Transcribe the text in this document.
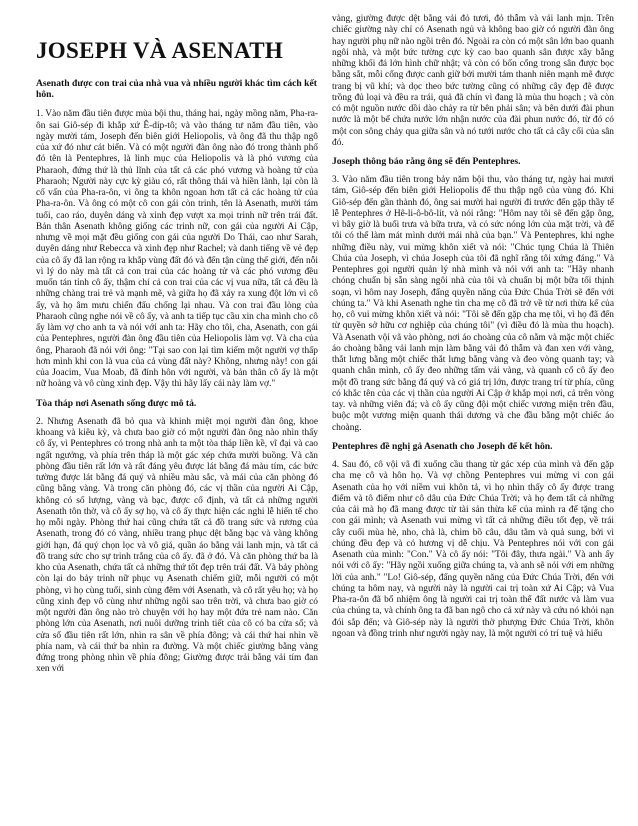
JOSEPH VÀ ASENATH
Asenath được con trai của nhà vua và nhiều người khác tìm cách kết hôn.

1. Vào năm đầu tiên được mùa bội thu, tháng hai, ngày mồng năm, Pha-ra-ôn sai Giô-sép đi khắp xứ Ê-díp-tô; và vào tháng tư năm đầu tiên, vào ngày mười tám, Joseph đến biên giới Heliopolis, và ông đã thu thập ngô của xứ đó như cát biển. Và có một người đàn ông nào đó trong thành phố đó tên là Pentephres, là linh mục của Heliopolis và là phó vương của Pharaoh, đứng thứ là thủ lĩnh của tất cả các phó vương và hoàng tử của Pharaoh; Người này cực kỳ giàu có, rất thông thái và hiền lành, lại còn là cố vấn của Pha-ra-ôn, vì ông ta khôn ngoan hơn tất cả các hoàng tử của Pha-ra-ôn. Và ông có một cô con gái còn trinh, tên là Asenath, mười tám tuổi, cao ráo, duyên dáng và xinh đẹp vượt xa mọi trinh nữ trên trái đất. Bản thân Asenath không giống các trinh nữ, con gái của người Ai Cập, nhưng về mọi mặt đều giống con gái của người Do Thái, cao như Sarah, duyên dáng như Rebecca và xinh đẹp như Rachel; và danh tiếng về vẻ đẹp của cô ấy đã lan rộng ra khắp vùng đất đó và đến tận cùng thế giới, đến nỗi vì lý do này mà tất cả con trai của các hoàng tử và các phó vương đều muốn tán tỉnh cô ấy, thậm chí cả con trai của các vị vua nữa, tất cả đều là những chàng trai trẻ và mạnh mẽ, và giữa họ đã xảy ra xung đột lớn vì cô ấy, và họ âm mưu chiến đấu chống lại nhau. Và con trai đầu lòng của Pharaoh cũng nghe nói về cô ấy, và anh ta tiếp tục cầu xin cha mình cho cô ấy làm vợ cho anh ta và nói với anh ta: Hãy cho tôi, cha, Asenath, con gái của Pentephres, người đàn ông đầu tiên của Heliopolis làm vợ. Và cha của ông, Pharaoh đã nói với ông: "Tại sao con lại tìm kiếm một người vợ thấp hơn mình khi con là vua của cả vùng đất này? Không, nhưng này! con gái của Joacim, Vua Moab, đã đính hôn với người, và bản thân cô ấy là một nữ hoàng và vô cùng xinh đẹp. Vậy thì hãy lấy cái này làm vợ."

Tòa tháp nơi Asenath sống được mô tả.

2. Nhưng Asenath đã bỏ qua và khinh miệt mọi người đàn ông, khoe khoang và kiêu kỳ, và chưa bao giờ có một người đàn ông nào nhìn thấy cô ấy, vì Pentephres có trong nhà anh ta một tòa tháp liền kề, vĩ đại và cao ngất ngưởng, và phía trên tháp là một gác xép chứa mười buồng. Và căn phòng đầu tiên rất lớn và rất đáng yêu được lát bằng đá màu tím, các bức tường được lát bằng đá quý và nhiều màu sắc, và mái của căn phòng đó cũng bằng vàng. Và trong căn phòng đó, các vị thần của người Ai Cập, không có số lượng, vàng và bạc, được cố định, và tất cả những người Asenath tôn thờ, và cô ấy sợ họ, và cô ấy thực hiện các nghi lễ hiến tế cho họ mỗi ngày. Phòng thứ hai cũng chứa tất cả đồ trang sức và rương của Asenath, trong đó có vàng, nhiều trang phục dệt bằng bạc và vàng không giới hạn, đá quý chọn lọc và vô giá, quần áo bằng vải lanh mịn, và tất cả đồ trang sức cho sự trinh trắng của cô ấy. đã ở đó. Và căn phòng thứ ba là kho của Asenath, chứa tất cả những thứ tốt đẹp trên trái đất. Và bảy phòng còn lại do bảy trinh nữ phục vụ Asenath chiếm giữ, mỗi người có một phòng, vì họ cùng tuổi, sinh cùng đêm với Asenath, và cô rất yêu họ; và họ cũng xinh đẹp vô cùng như những ngôi sao trên trời, và chưa bao giờ có một người đàn ông nào trò chuyện với họ hay một đứa trẻ nam nào. Căn phòng lớn của Asenath, nơi nuôi dưỡng trinh tiết của cô có ba cửa sổ; và cửa sổ đầu tiên rất lớn, nhìn ra sân về phía đông; và cái thứ hai nhìn về phía nam, và cái thứ ba nhìn ra đường. Và một chiếc giường bằng vàng đứng trong phòng nhìn về phía đông; Giường được trải bằng vải tím đan xen với

vàng, giường được dệt bằng vải đỏ tươi, đỏ thẫm và vải lanh mịn. Trên chiếc giường này chỉ có Asenath ngủ và không bao giờ có người đàn ông hay người phụ nữ nào ngồi trên đó. Ngoài ra còn có một sân lớn bao quanh ngôi nhà, và một bức tường cực kỳ cao bao quanh sân được xây bằng những khối đá lớn hình chữ nhật; và còn có bốn cổng trong sân được bọc bằng sắt, mỗi cổng được canh giữ bởi mười tám thanh niên mạnh mẽ được trang bị vũ khí; và dọc theo bức tường cũng có những cây đẹp đẽ được trồng đủ loại và đều ra trái, quả đã chín vì đang là mùa thu hoạch ; và còn có một nguồn nước dồi dào chảy ra từ bên phải sân; và bên dưới đài phun nước là một bể chứa nước lớn nhận nước của đài phun nước đó, từ đó có một con sông chảy qua giữa sân và nó tưới nước cho tất cả cây cối của sân đó.

Joseph thông báo rằng ông sẽ đến Pentephres.

3. Vào năm đầu tiên trong bảy năm bội thu, vào tháng tư, ngày hai mươi tám, Giô-sép đến biên giới Heliopolis để thu thập ngô của vùng đó. Khi Giô-sép đến gần thành đó, ông sai mười hai người đi trước đến gặp thầy tế lễ Pentephres ở Hê-li-ô-bô-lít, và nói rằng: "Hôm nay tôi sẽ đến gặp ông, vì bây giờ là buổi trưa và bữa trưa, và có sức nóng lớn của mặt trời, và để tôi có thể làm mát mình dưới mái nhà của bạn." Và Pentephres, khi nghe những điều này, vui mừng khôn xiết và nói: "Chúc tụng Chúa là Thiên Chúa của Joseph, vì chúa Joseph của tôi đã nghĩ rằng tôi xứng đáng." Và Pentephres gọi người quản lý nhà mình và nói với anh ta: "Hãy nhanh chóng chuẩn bị sẵn sàng ngôi nhà của tôi và chuẩn bị một bữa tối thịnh soạn, vì hôm nay Joseph, đấng quyền năng của Đức Chúa Trời sẽ đến với chúng ta." Và khi Asenath nghe tin cha mẹ cô đã trở về từ nơi thừa kế của họ, cô vui mừng khôn xiết và nói: "Tôi sẽ đến gặp cha mẹ tôi, vì họ đã đến từ quyền sở hữu cơ nghiệp của chúng tôi" (vì điều đó là mùa thu hoạch). Và Asenath vội vã vào phòng, nơi áo choàng của cô nằm và mặc một chiếc áo choàng bằng vải lanh mịn làm bằng vải đỏ thẫm và đan xen với vàng, thắt lưng bằng một chiếc thắt lưng bằng vàng và đeo vòng quanh tay; và quanh chân mình, cô ấy đeo những tấm vải vàng, và quanh cổ cô ấy đeo một đồ trang sức bằng đá quý và có giá trị lớn, được trang trí từ phía, cũng có khắc tên của các vị thần của người Ai Cập ở khắp mọi nơi, cả trên vòng tay. và những viên đá; và cô ấy cũng đội một chiếc vương miện trên đầu, buộc một vương miện quanh thái dương và che đầu bằng một chiếc áo choàng.

Pentephres đề nghị gả Asenath cho Joseph để kết hôn.

4. Sau đó, cô vội vã đi xuống cầu thang từ gác xép của mình và đến gặp cha mẹ cô và hôn họ. Và vợ chồng Pentephres vui mừng vì con gái Asenath của họ với niềm vui khôn tả, vì họ nhìn thấy cô ấy được trang điểm và tô điểm như cô dâu của Đức Chúa Trời; và họ đem tất cả những của cải mà họ đã mang được từ tài sản thừa kế của mình ra để tặng cho con gái mình; và Asenath vui mừng vì tất cả những điều tốt đẹp, về trái cây cuối mùa hè, nho, chà là, chim bồ câu, dâu tằm và quả sung, bởi vì chúng đều đẹp và có hương vị dễ chịu. Và Pentephres nói với con gái Asenath của mình: "Con." Và cô ấy nói: "Tôi đây, thưa ngài." Và anh ấy nói với cô ấy: "Hãy ngồi xuống giữa chúng ta, và anh sẽ nói với em những lời của anh." "Lo! Giô-sép, đấng quyền năng của Đức Chúa Trời, đến với chúng ta hôm nay, và người này là người cai trị toàn xứ Ai Cập; và Vua Pha-ra-ôn đã bổ nhiệm ông là người cai trị toàn thể đất nước và làm vua của chúng ta, và chính ông ta đã ban ngô cho cả xứ này và cứu nó khỏi nạn đói sắp đến; và Giô-sép này là người thờ phượng Đức Chúa Trời, khôn ngoan và đồng trinh như người ngày nay, là một người có trí tuệ và hiểu
